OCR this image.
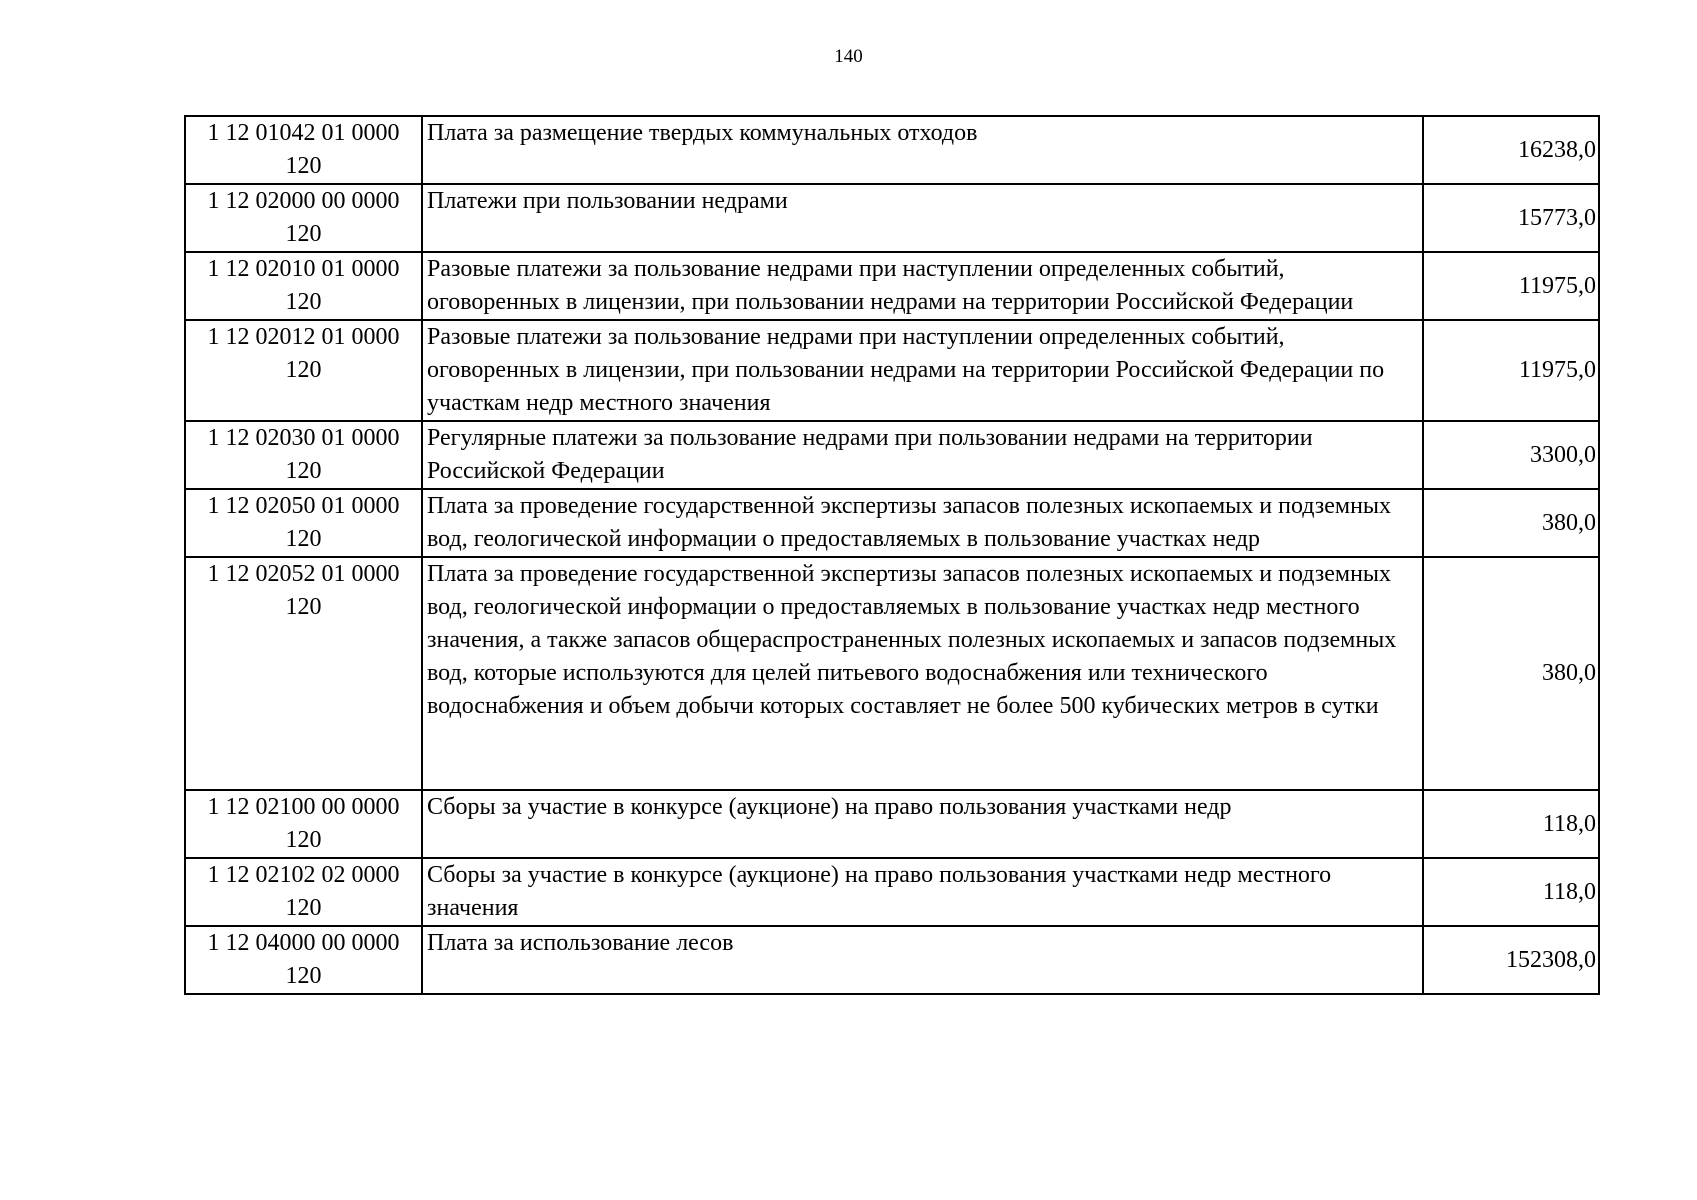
140
1 12 01042 01 0000 120	Плата за размещение твердых коммунальных отходов	16238,0
1 12 02000 00 0000 120	Платежи при пользовании недрами	15773,0
1 12 02010 01 0000 120	Разовые платежи за пользование недрами при наступлении определенных событий, оговоренных в лицензии, при пользовании недрами на территории Российской Федерации	11975,0
1 12 02012 01 0000 120	Разовые платежи за пользование недрами при наступлении определенных событий, оговоренных в лицензии, при пользовании недрами на территории Российской Федерации по участкам недр местного значения	11975,0
1 12 02030 01 0000 120	Регулярные платежи за пользование недрами при пользовании недрами на территории Российской Федерации	3300,0
1 12 02050 01 0000 120	Плата за проведение государственной экспертизы запасов полезных ископаемых и подземных вод, геологической информации о предоставляемых в пользование участках недр	380,0
1 12 02052 01 0000 120	Плата за проведение государственной экспертизы запасов полезных ископаемых и подземных вод, геологической информации о предоставляемых в пользование участках недр местного значения, а также запасов общераспространенных полезных ископаемых и запасов подземных вод, которые используются для целей питьевого водоснабжения или технического водоснабжения и объем добычи которых составляет не более 500 кубических метров в сутки	380,0
1 12 02100 00 0000 120	Сборы за участие в конкурсе (аукционе) на право пользования участками недр	118,0
1 12 02102 02 0000 120	Сборы за участие в конкурсе (аукционе) на право пользования участками недр местного значения	118,0
1 12 04000 00 0000 120	Плата за использование лесов	152308,0
